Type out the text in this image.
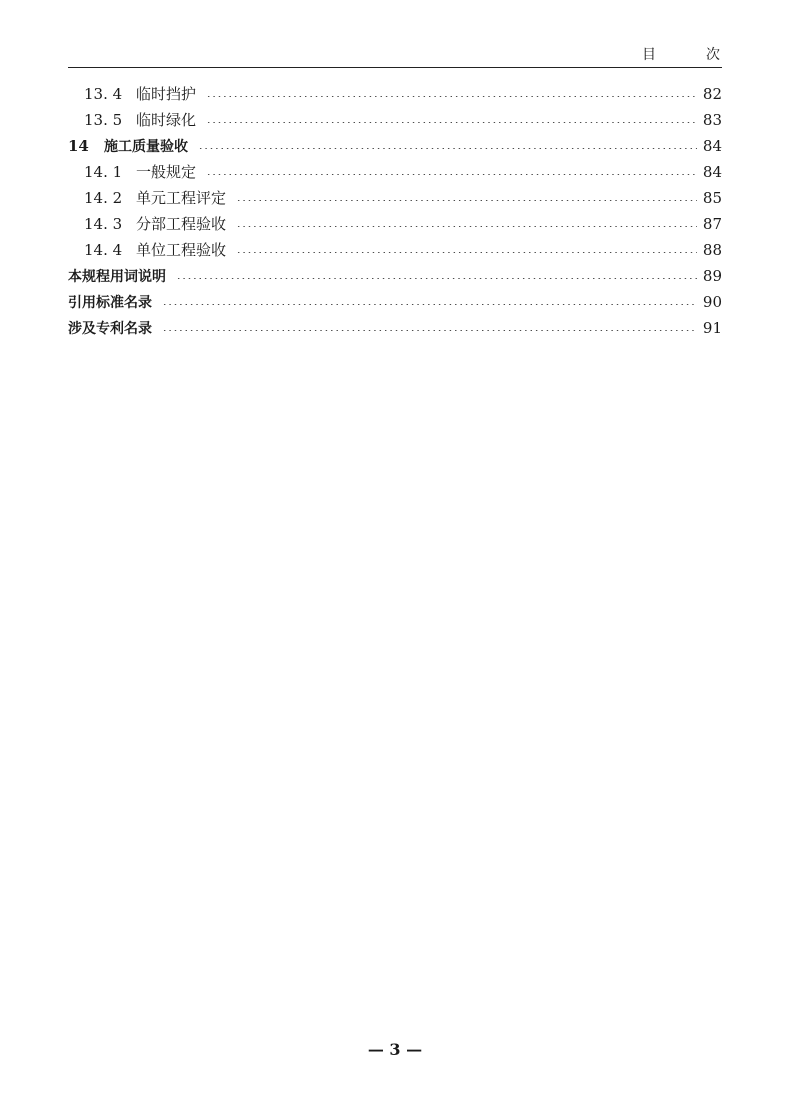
目　次
13. 4 临时挡护	82
13. 5 临时绿化	83
14	施工质量验收	84
14. 1 一般规定	84
14. 2 单元工程评定	85
14. 3 分部工程验收	87
14. 4 单位工程验收	88
本规程用词说明	89
引用标准名录	90
涉及专利名录	91
— 3 —
